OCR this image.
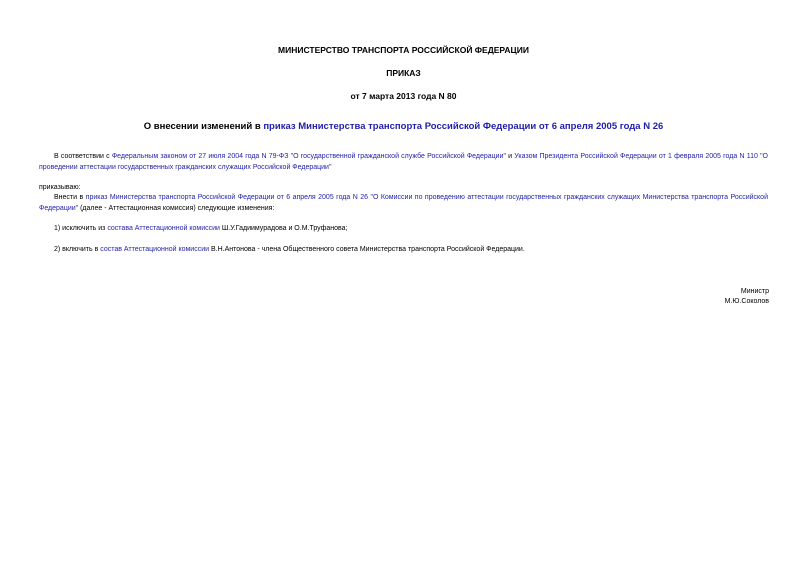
МИНИСТЕРСТВО ТРАНСПОРТА РОССИЙСКОЙ ФЕДЕРАЦИИ
ПРИКАЗ
от 7 марта 2013 года N 80
О внесении изменений в приказ Министерства транспорта Российской Федерации от 6 апреля 2005 года N 26
В соответствии с Федеральным законом от 27 июля 2004 года N 79-ФЗ "О государственной гражданской службе Российской Федерации" и Указом Президента Российской Федерации от 1 февраля 2005 года N 110 "О проведении аттестации государственных гражданских служащих Российской Федерации"
приказываю:
Внести в приказ Министерства транспорта Российской Федерации от 6 апреля 2005 года N 26 "О Комиссии по проведению аттестации государственных гражданских служащих Министерства транспорта Российской Федерации" (далее - Аттестационная комиссия) следующие изменения:
1) исключить из состава Аттестационной комиссии Ш.У.Гадиимурадова и О.М.Труфанова;
2) включить в состав Аттестационной комиссии В.Н.Антонова - члена Общественного совета Министерства транспорта Российской Федерации.
Министр
М.Ю.Соколов
